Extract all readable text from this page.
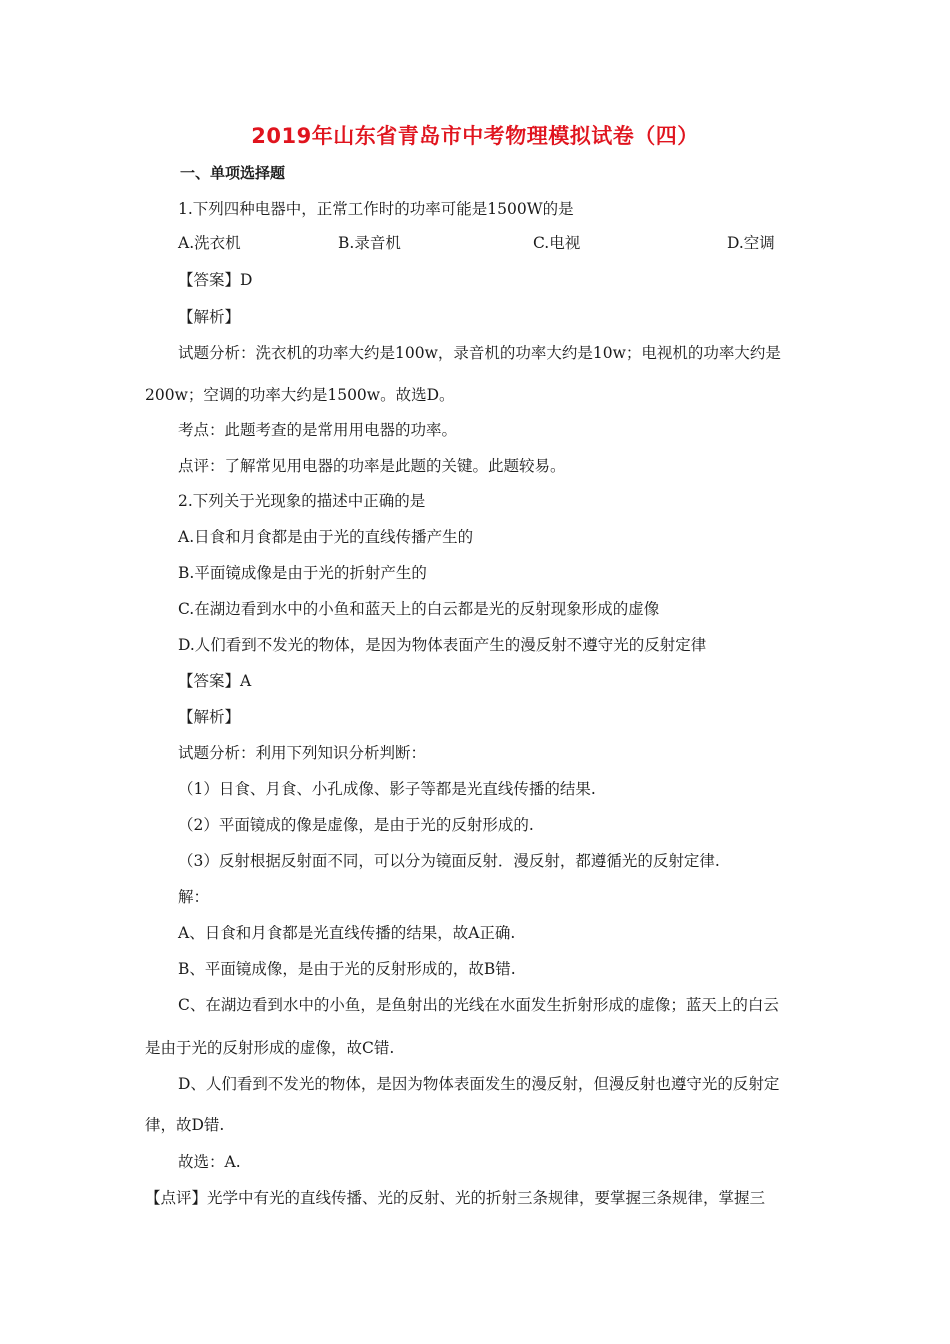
2019年山东省青岛市中考物理模拟试卷（四）
一、单项选择题
1.下列四种电器中，正常工作时的功率可能是1500W的是
A.洗衣机	B.录音机	C.电视	D.空调
【答案】D
【解析】
试题分析：洗衣机的功率大约是100w，录音机的功率大约是10w；电视机的功率大约是
200w；空调的功率大约是1500w。故选D。
考点：此题考查的是常用用电器的功率。
点评：了解常见用电器的功率是此题的关键。此题较易。
2.下列关于光现象的描述中正确的是
A.日食和月食都是由于光的直线传播产生的
B.平面镜成像是由于光的折射产生的
C.在湖边看到水中的小鱼和蓝天上的白云都是光的反射现象形成的虚像
D.人们看到不发光的物体，是因为物体表面产生的漫反射不遵守光的反射定律
【答案】A
【解析】
试题分析：利用下列知识分析判断：
（1）日食、月食、小孔成像、影子等都是光直线传播的结果.
（2）平面镜成的像是虚像，是由于光的反射形成的.
（3）反射根据反射面不同，可以分为镜面反射．漫反射，都遵循光的反射定律.
解：
A、日食和月食都是光直线传播的结果，故A正确.
B、平面镜成像，是由于光的反射形成的，故B错.
C、在湖边看到水中的小鱼，是鱼射出的光线在水面发生折射形成的虚像；蓝天上的白云
是由于光的反射形成的虚像，故C错.
D、人们看到不发光的物体，是因为物体表面发生的漫反射，但漫反射也遵守光的反射定
律，故D错.
故选：A.
【点评】光学中有光的直线传播、光的反射、光的折射三条规律，要掌握三条规律，掌握三
